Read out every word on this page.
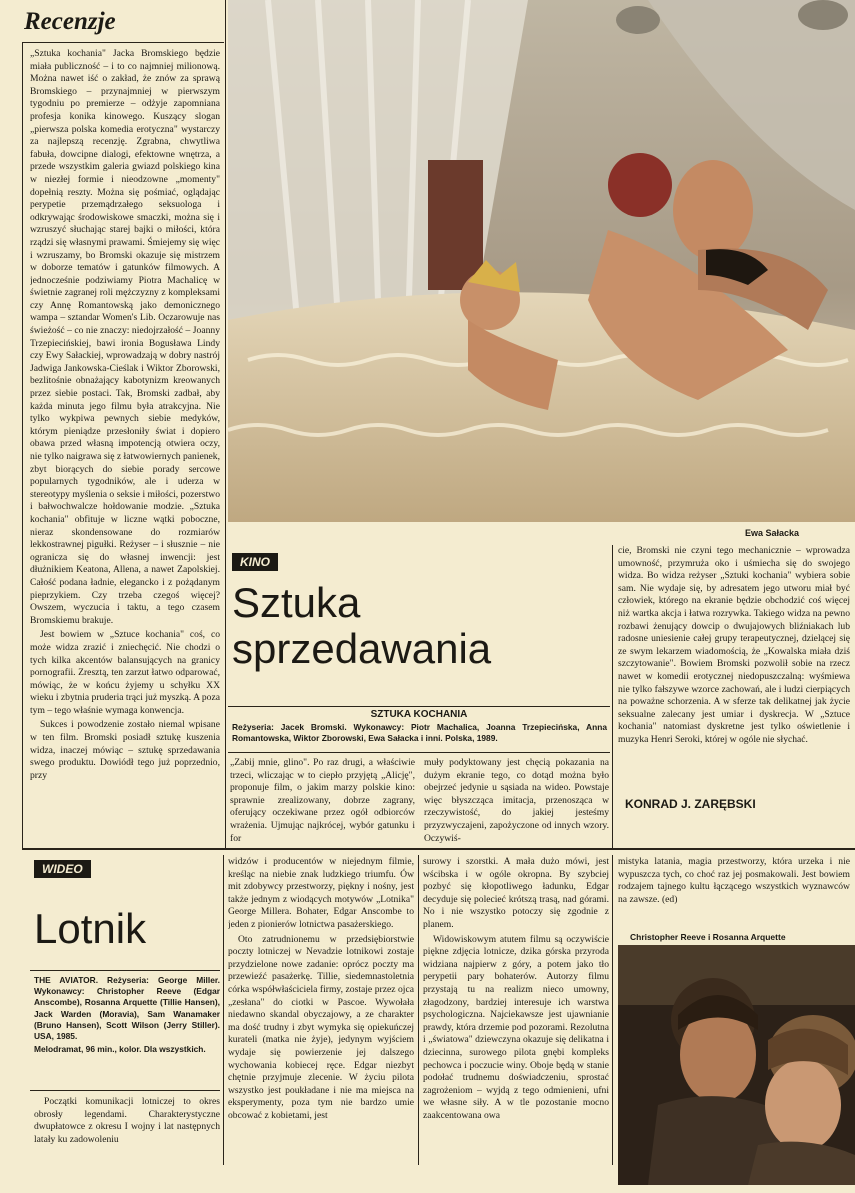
Recenzje
Ewa Sałacka

„Sztuka kochania" Jacka Bromskiego będzie miała publiczność – i to co najmniej milionową. Można nawet iść o zakład, że znów za sprawą Bromskiego – przynajmniej w pierwszym tygodniu po premierze – odżyje zapomniana profesja konika kinowego. Kuszący slogan „pierwsza polska komedia erotyczna" wystarczy za najlepszą recenzję. Zgrabna, chwytliwa fabuła, dowcipne dialogi, efektowne wnętrza, a przede wszystkim galeria gwiazd polskiego kina w niezłej formie i nieodzowne „momenty" dopełnią reszty. Można się pośmiać, oglądając perypetie przemądrzałego seksuologa i odkrywając środowiskowe smaczki, można się i wzruszyć słuchając starej bajki o miłości, która rządzi się własnymi prawami. Śmiejemy się więc i wzruszamy, bo Bromski okazuje się mistrzem w doborze tematów i gatunków filmowych. A jednocześnie podziwiamy Piotra Machalicę w świetnie zagranej roli mężczyzny z kompleksami czy Annę Romantowską jako demonicznego wampa – sztandar Women's Lib. Oczarowuje nas świeżość – co nie znaczy: niedojrzałość – Joanny Trzepiecińskiej, bawi ironia Bogusława Lindy czy Ewy Sałackiej, wprowadzają w dobry nastrój Jadwiga Jankowska-Cieślak i Wiktor Zborowski, bezlitośnie obnażający kabotynizm kreowanych przez siebie postaci. Tak, Bromski zadbał, aby każda minuta jego filmu była atrakcyjna. Nie tylko wykpiwa pewnych siebie medyków, którym pieniądze przesłoniły świat i dopiero obawa przed własną impotencją otwiera oczy, nie tylko naigrawa się z łatwowiernych panienek, zbyt biorących do siebie porady sercowe popularnych tygodników, ale i uderza w stereotypy myślenia o seksie i miłości, pozerstwo i bałwochwalcze hołdowanie modzie. „Sztuka kochania" obfituje w liczne wątki poboczne, nieraz skondensowane do rozmiarów lekkostrawnej pigułki. Reżyser – i słusznie – nie ogranicza się do własnej inwencji: jest dłużnikiem Keatona, Allena, a nawet Zapolskiej. Całość podana ładnie, elegancko i z pożądanym pieprzykiem. Czy trzeba czegoś więcej? Owszem, wyczucia i taktu, a tego czasem Bromskiemu brakuje.

Jest bowiem w „Sztuce kochania" coś, co może widza zrazić i zniechęcić. Nie chodzi o tych kilka akcentów balansujących na granicy pornografii. Zresztą, ten zarzut łatwo odparować, mówiąc, że w końcu żyjemy u schyłku XX wieku i zbytnia pruderia trąci już myszką. A poza tym – tego właśnie wymaga konwencja.

Sukces i powodzenie zostało niemal wpisane w ten film. Bromski posiadł sztukę kuszenia widza, inaczej mówiąc – sztukę sprzedawania swego produktu. Dowiódł tego już poprzednio, przy

KINO
Sztuka
sprzedawania
SZTUKA KOCHANIA
Reżyseria: Jacek Bromski. Wykonawcy: Piotr Machalica, Joanna Trzepiecińska, Anna Romantowska, Wiktor Zborowski, Ewa Sałacka i inni. Polska, 1989.

„Zabij mnie, glino". Po raz drugi, a właściwie trzeci, wliczając w to ciepło przyjętą „Alicję", proponuje film, o jakim marzy polskie kino: sprawnie zrealizowany, dobrze zagrany, oferujący oczekiwane przez ogół odbiorców wrażenia. Ujmując najkrócej, wybór gatunku i for

muły podyktowany jest chęcią pokazania na dużym ekranie tego, co dotąd można było obejrzeć jedynie u sąsiada na wideo. Powstaje więc błyszcząca imitacja, przenosząca w rzeczywistość, do jakiej jesteśmy przyzwyczajeni, zapożyczone od innych wzory. Oczywiś-

cie, Bromski nie czyni tego mechanicznie – wprowadza umowność, przymruża oko i uśmiecha się do swojego widza. Bo widza reżyser „Sztuki kochania" wybiera sobie sam. Nie wydaje się, by adresatem jego utworu miał być człowiek, którego na ekranie będzie obchodzić coś więcej niż wartka akcja i łatwa rozrywka. Takiego widza na pewno rozbawi żenujący dowcip o dwujajowych bliźniakach lub radosne uniesienie całej grupy terapeutycznej, dzielącej się ze swym lekarzem wiadomością, że „Kowalska miała dziś szczytowanie". Bowiem Bromski pozwolił sobie na rzecz nawet w komedii erotycznej niedopuszczalną: wyśmiewa nie tylko fałszywe wzorce zachowań, ale i ludzi cierpiących na poważne schorzenia. A w sferze tak delikatnej jak życie seksualne zalecany jest umiar i dyskrecja. W „Sztuce kochania" natomiast dyskretne jest tylko oświetlenie i muzyka Henri Seroki, której w ogóle nie słychać.

KONRAD J. ZARĘBSKI
WIDEO
Lotnik
THE AVIATOR. Reżyseria: George Miller. Wykonawcy: Christopher Reeve (Edgar Anscombe), Rosanna Arquette (Tillie Hansen), Jack Warden (Moravia), Sam Wanamaker (Bruno Hansen), Scott Wilson (Jerry Stiller). USA, 1985.
Melodramat, 96 min., kolor. Dla wszystkich.

Początki komunikacji lotniczej to okres obrosły legendami. Charakterystyczne dwupłatowce z okresu I wojny i lat następnych latały ku zadowoleniu

widzów i producentów w niejednym filmie, kreśląc na niebie znak ludzkiego triumfu. Ów mit zdobywcy przestworzy, piękny i nośny, jest także jednym z wiodących motywów „Lotnika" George Millera. Bohater, Edgar Anscombe to jeden z pionierów lotnictwa pasażerskiego.

Oto zatrudnionemu w przedsiębiorstwie poczty lotniczej w Nevadzie lotnikowi zostaje przydzielone nowe zadanie: oprócz poczty ma przewieźć pasażerkę. Tillie, siedemnastoletnia córka współwłaściciela firmy, zostaje przez ojca „zesłana" do ciotki w Pascoe. Wywołała niedawno skandal obyczajowy, a ze charakter ma dość trudny i zbyt wymyka się opiekuńczej kurateli (matka nie żyje), jedynym wyjściem wydaje się powierzenie jej dalszego wychowania kobiecej ręce. Edgar niezbyt chętnie przyjmuje zlecenie. W życiu pilota wszystko jest poukładane i nie ma miejsca na eksperymenty, poza tym nie bardzo umie obcować z kobietami, jest

surowy i szorstki. A mała dużo mówi, jest wścibska i w ogóle okropna. By szybciej pozbyć się kłopotliwego ładunku, Edgar decyduje się polecieć krótszą trasą, nad górami. No i nie wszystko potoczy się zgodnie z planem.

Widowiskowym atutem filmu są oczywiście piękne zdjęcia lotnicze, dzika górska przyroda widziana najpierw z góry, a potem jako tło perypetii pary bohaterów. Autorzy filmu przystają tu na realizm nieco umowny, złagodzony, bardziej interesuje ich warstwa psychologiczna. Najciekawsze jest ujawnianie prawdy, która drzemie pod pozorami. Rezolutna i „światowa" dziewczyna okazuje się delikatna i dziecinna, surowego pilota gnębi kompleks pechowca i poczucie winy. Oboje będą w stanie podołać trudnemu doświadczeniu, sprostać zagrożeniom – wyjdą z tego odmienieni, ufni we własne siły. A w tle pozostanie mocno zaakcentowana owa

mistyka latania, magia przestworzy, która urzeka i nie wypuszcza tych, co choć raz jej posmakowali. Jest bowiem rodzajem tajnego kultu łączącego wszystkich wyznawców na zawsze. (ed)

Christopher Reeve i Rosanna Arquette
